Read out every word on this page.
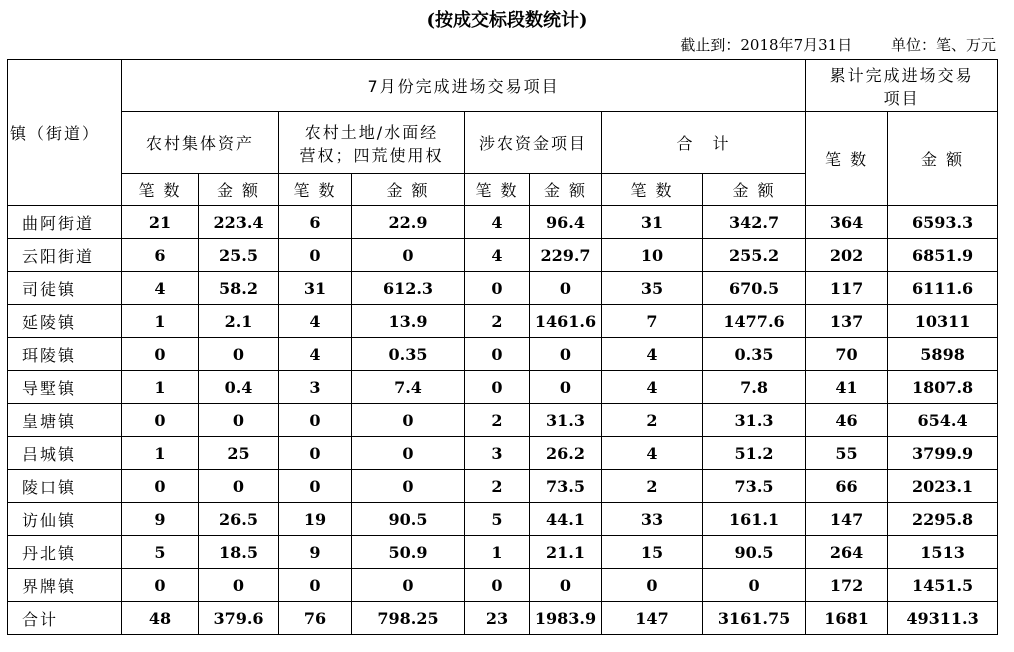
(按成交标段数统计)
截止到：2018年7月31日	单位：笔、万元
镇（街道）	7月份完成进场交易项目								累计完成进场交易项目	
	农村集体资产		农村土地/水面经营权；四荒使用权		涉农资金项目		合　计		笔 数	金 额
	笔 数	金 额	笔 数	金 额	笔 数	金 额	笔 数	金 额		
曲阿街道	21	223.4	6	22.9	4	96.4	31	342.7	364	6593.3
云阳街道	6	25.5	0	0	4	229.7	10	255.2	202	6851.9
司徒镇	4	58.2	31	612.3	0	0	35	670.5	117	6111.6
延陵镇	1	2.1	4	13.9	2	1461.6	7	1477.6	137	10311
珥陵镇	0	0	4	0.35	0	0	4	0.35	70	5898
导墅镇	1	0.4	3	7.4	0	0	4	7.8	41	1807.8
皇塘镇	0	0	0	0	2	31.3	2	31.3	46	654.4
吕城镇	1	25	0	0	3	26.2	4	51.2	55	3799.9
陵口镇	0	0	0	0	2	73.5	2	73.5	66	2023.1
访仙镇	9	26.5	19	90.5	5	44.1	33	161.1	147	2295.8
丹北镇	5	18.5	9	50.9	1	21.1	15	90.5	264	1513
界牌镇	0	0	0	0	0	0	0	0	172	1451.5
合计	48	379.6	76	798.25	23	1983.9	147	3161.75	1681	49311.3
